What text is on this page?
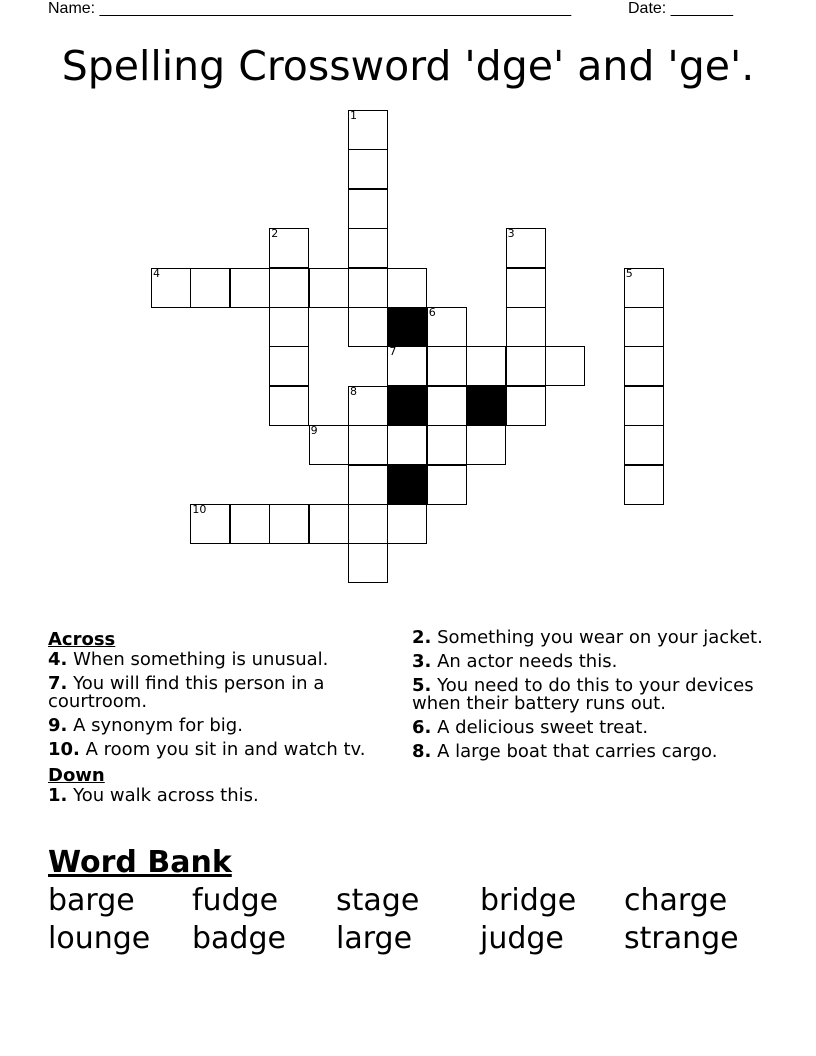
Name: _____________________________________________________	Date: _______
Spelling Crossword 'dge' and 'ge'.
1
2	3
4	5
6
7
8
9
10
Across
4. When something is unusual.
7. You will find this person in a courtroom.
9. A synonym for big.
10. A room you sit in and watch tv.
Down
1. You walk across this.
2. Something you wear on your jacket.
3. An actor needs this.
5. You need to do this to your devices when their battery runs out.
6. A delicious sweet treat.
8. A large boat that carries cargo.
Word Bank
barge fudge stage bridge charge
lounge badge large judge strange
